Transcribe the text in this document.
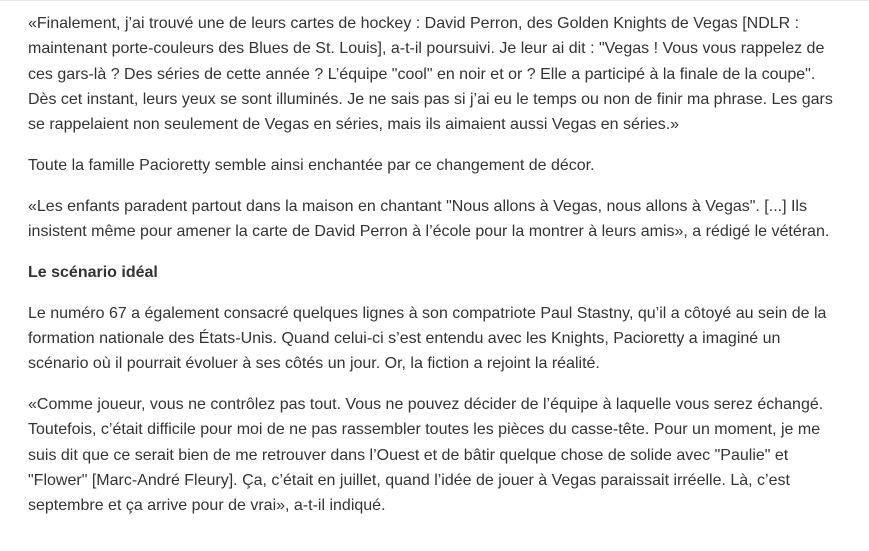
«Finalement, j’ai trouvé une de leurs cartes de hockey : David Perron, des Golden Knights de Vegas [NDLR : maintenant porte-couleurs des Blues de St. Louis], a-t-il poursuivi. Je leur ai dit : "Vegas ! Vous vous rappelez de ces gars-là ? Des séries de cette année ? L’équipe "cool" en noir et or ? Elle a participé à la finale de la coupe". Dès cet instant, leurs yeux se sont illuminés. Je ne sais pas si j’ai eu le temps ou non de finir ma phrase. Les gars se rappelaient non seulement de Vegas en séries, mais ils aimaient aussi Vegas en séries.»

Toute la famille Pacioretty semble ainsi enchantée par ce changement de décor.

«Les enfants paradent partout dans la maison en chantant "Nous allons à Vegas, nous allons à Vegas". [...] Ils insistent même pour amener la carte de David Perron à l’école pour la montrer à leurs amis», a rédigé le vétéran.

Le scénario idéal

Le numéro 67 a également consacré quelques lignes à son compatriote Paul Stastny, qu’il a côtoyé au sein de la formation nationale des États-Unis. Quand celui-ci s’est entendu avec les Knights, Pacioretty a imaginé un scénario où il pourrait évoluer à ses côtés un jour. Or, la fiction a rejoint la réalité.

«Comme joueur, vous ne contrôlez pas tout. Vous ne pouvez décider de l’équipe à laquelle vous serez échangé. Toutefois, c’était difficile pour moi de ne pas rassembler toutes les pièces du casse-tête. Pour un moment, je me suis dit que ce serait bien de me retrouver dans l’Ouest et de bâtir quelque chose de solide avec "Paulie" et "Flower" [Marc-André Fleury]. Ça, c’était en juillet, quand l’idée de jouer à Vegas paraissait irréelle. Là, c’est septembre et ça arrive pour de vrai», a-t-il indiqué.
